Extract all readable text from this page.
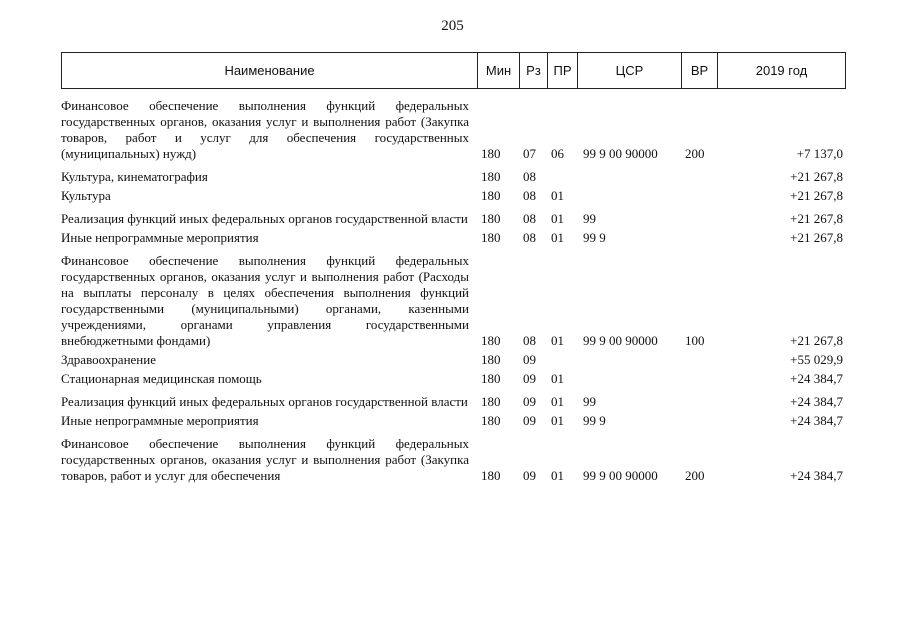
205
Наименование	Мин	Рз	ПР	ЦСР	ВР	2019 год
Финансовое обеспечение выполнения функций федеральных государственных органов, оказания услуг и выполнения работ (Закупка товаров, работ и услуг для обеспечения государственных (муниципальных) нужд)	180	07	06	99 9 00 90000	200	+7 137,0

Культура, кинематография	180	08				+21 267,8

Культура	180	08	01			+21 267,8

Реализация функций иных федеральных органов государственной власти	180	08	01	99		+21 267,8

Иные непрограммные мероприятия	180	08	01	99 9		+21 267,8

Финансовое обеспечение выполнения функций федеральных государственных органов, оказания услуг и выполнения работ (Расходы на выплаты персоналу в целях обеспечения выполнения функций государственными (муниципальными) органами, казенными учреждениями, органами управления государственными внебюджетными фондами)	180	08	01	99 9 00 90000	100	+21 267,8

Здравоохранение	180	09				+55 029,9

Стационарная медицинская помощь	180	09	01			+24 384,7

Реализация функций иных федеральных органов государственной власти	180	09	01	99		+24 384,7

Иные непрограммные мероприятия	180	09	01	99 9		+24 384,7

Финансовое обеспечение выполнения функций федеральных государственных органов, оказания услуг и выполнения работ (Закупка товаров, работ и услуг для обеспечения	180	09	01	99 9 00 90000	200	+24 384,7
